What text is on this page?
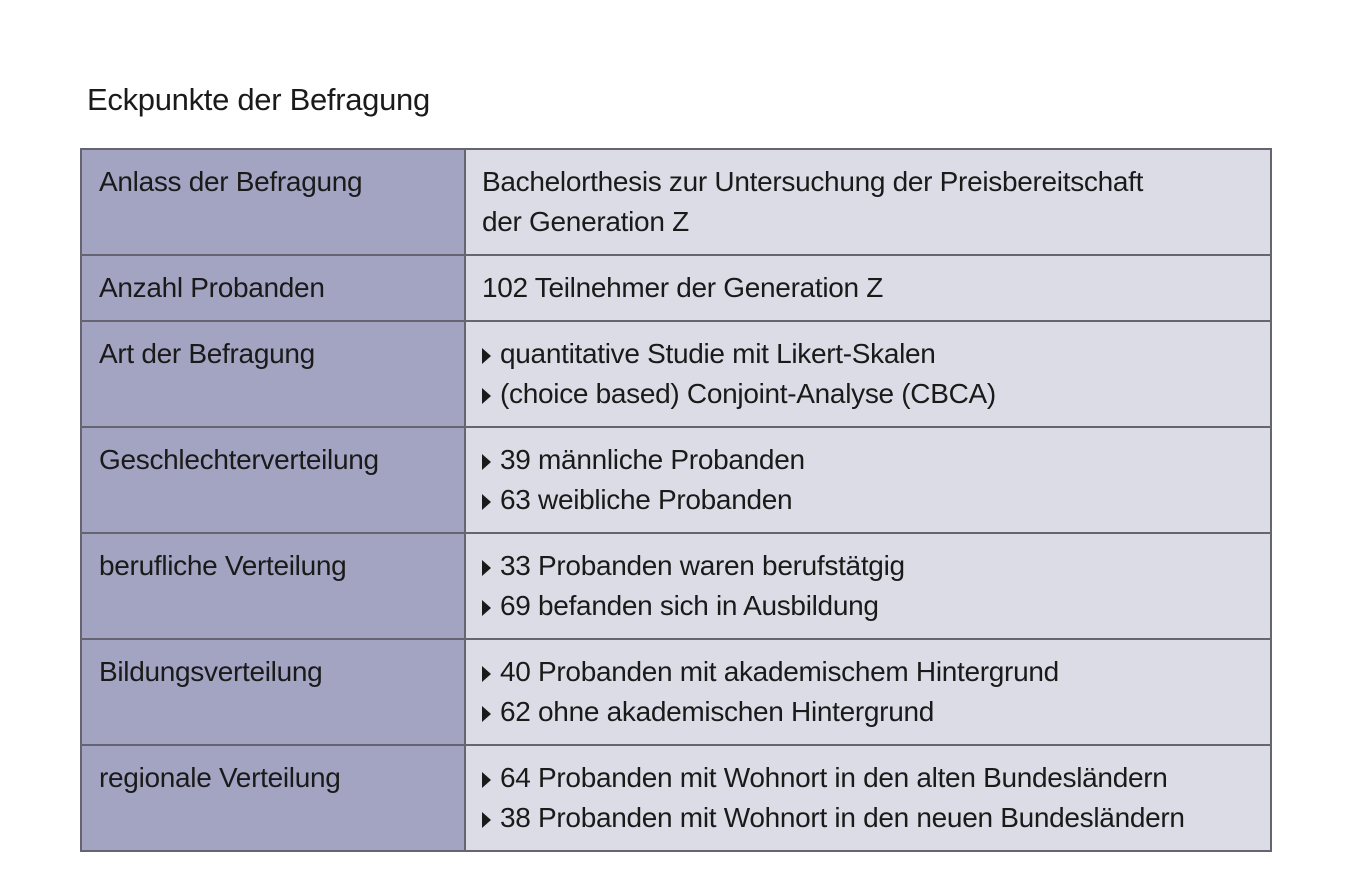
Eckpunkte der Befragung
Anlass der Befragung	Bachelorthesis zur Untersuchung der Preisbereitschaft
der Generation Z

Anzahl Probanden	102 Teilnehmer der Generation Z

Art der Befragung	quantitative Studie mit Likert-Skalen
(choice based) Conjoint-Analyse (CBCA)

Geschlechterverteilung	39 männliche Probanden
63 weibliche Probanden

berufliche Verteilung	33 Probanden waren berufstätgig
69 befanden sich in Ausbildung

Bildungsverteilung	40 Probanden mit akademischem Hintergrund
62 ohne akademischen Hintergrund

regionale Verteilung	64 Probanden mit Wohnort in den alten Bundesländern
38 Probanden mit Wohnort in den neuen Bundesländern
